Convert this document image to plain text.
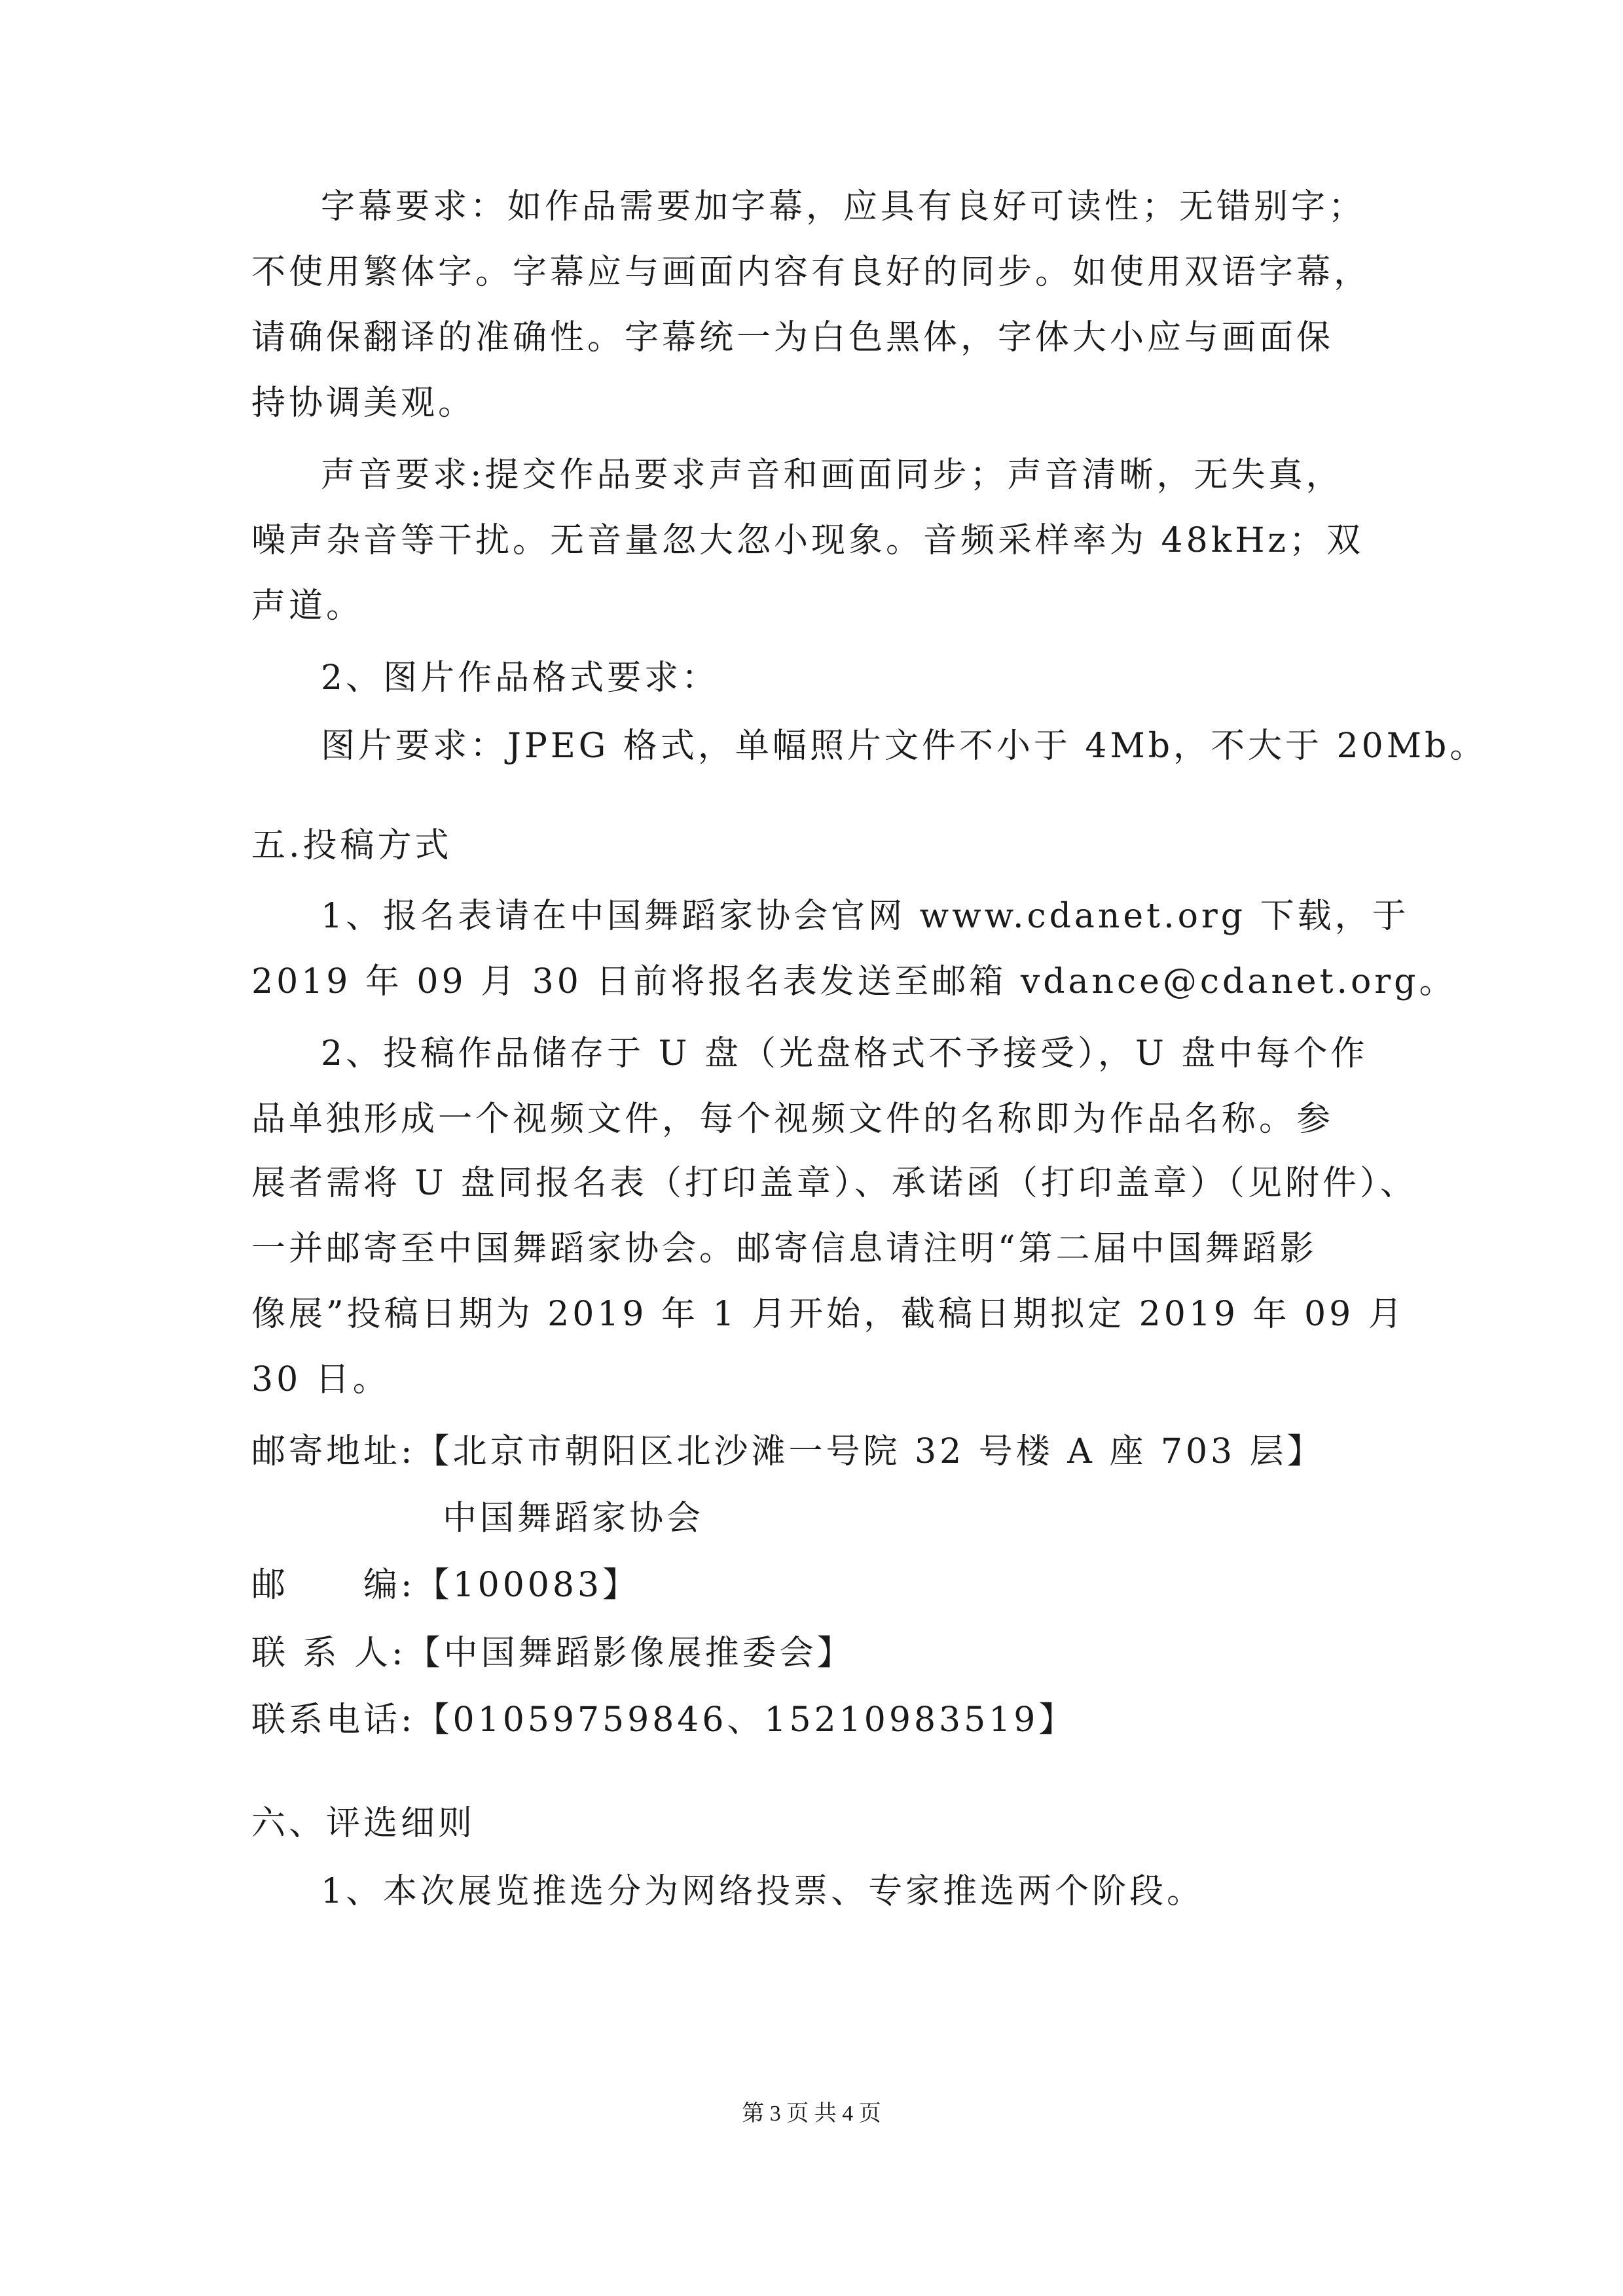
字幕要求：如作品需要加字幕，应具有良好可读性；无错别字；

不使用繁体字。字幕应与画面内容有良好的同步。如使用双语字幕，

请确保翻译的准确性。字幕统一为白色黑体，字体大小应与画面保

持协调美观。

声音要求:提交作品要求声音和画面同步；声音清晰，无失真，

噪声杂音等干扰。无音量忽大忽小现象。音频采样率为 48kHz；双

声道。

2、图片作品格式要求：

图片要求：JPEG 格式，单幅照片文件不小于 4Mb，不大于 20Mb。

五.投稿方式

1、报名表请在中国舞蹈家协会官网 www.cdanet.org 下载，于

2019 年 09 月 30 日前将报名表发送至邮箱 vdance@cdanet.org。

2、投稿作品储存于 U 盘（光盘格式不予接受），U 盘中每个作

品单独形成一个视频文件，每个视频文件的名称即为作品名称。参

展者需将 U 盘同报名表（打印盖章）、承诺函（打印盖章）（见附件）、

一并邮寄至中国舞蹈家协会。邮寄信息请注明“第二届中国舞蹈影

像展”投稿日期为 2019 年 1 月开始，截稿日期拟定 2019 年 09 月

30 日。

邮寄地址:【北京市朝阳区北沙滩一号院 32 号楼 A 座 703 层】

中国舞蹈家协会

邮　　编:【100083】

联 系 人:【中国舞蹈影像展推委会】

联系电话:【01059759846、15210983519】

六、评选细则

1、本次展览推选分为网络投票、专家推选两个阶段。

第 3 页 共 4 页
